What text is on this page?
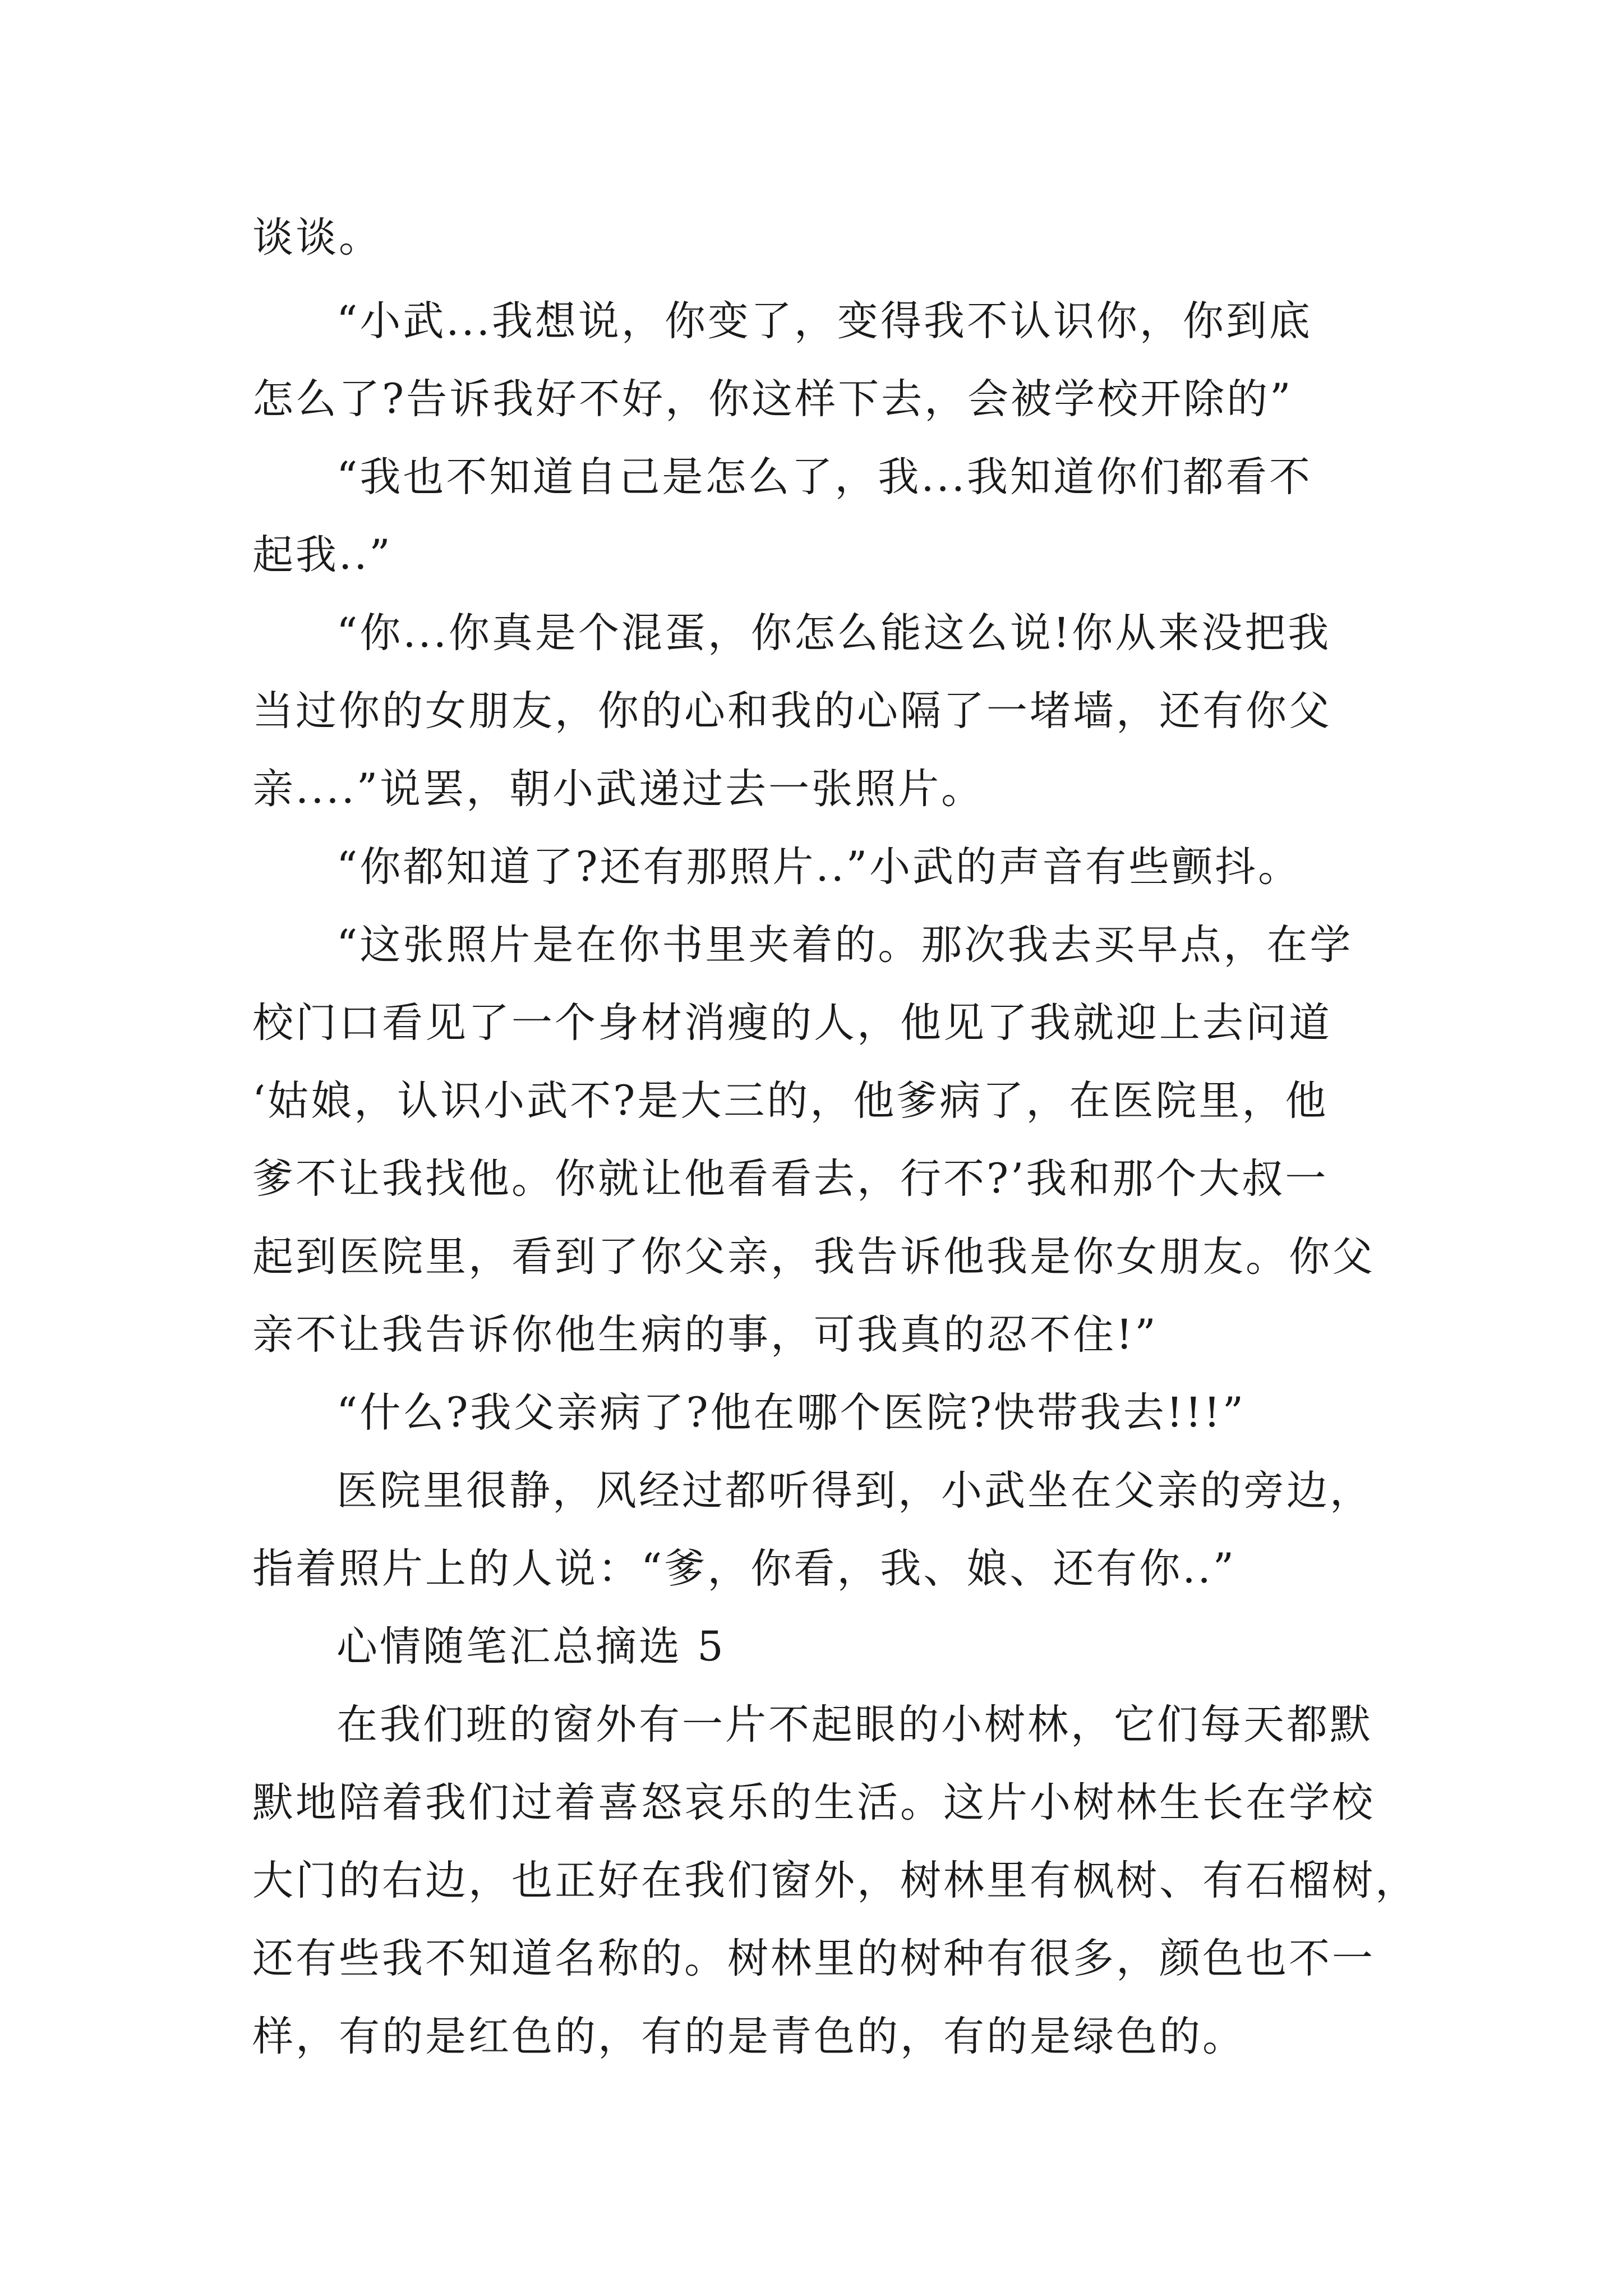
谈谈。
“小武...我想说，你变了，变得我不认识你，你到底
怎么了?告诉我好不好，你这样下去，会被学校开除的”
“我也不知道自己是怎么了，我...我知道你们都看不
起我..”
“你...你真是个混蛋，你怎么能这么说!你从来没把我
当过你的女朋友，你的心和我的心隔了一堵墙，还有你父
亲....”说罢，朝小武递过去一张照片。
“你都知道了?还有那照片..”小武的声音有些颤抖。
“这张照片是在你书里夹着的。那次我去买早点，在学
校门口看见了一个身材消瘦的人，他见了我就迎上去问道
‘姑娘，认识小武不?是大三的，他爹病了，在医院里，他
爹不让我找他。你就让他看看去，行不?’我和那个大叔一
起到医院里，看到了你父亲，我告诉他我是你女朋友。你父
亲不让我告诉你他生病的事，可我真的忍不住!”
“什么?我父亲病了?他在哪个医院?快带我去!!!”
医院里很静，风经过都听得到，小武坐在父亲的旁边，
指着照片上的人说：“爹，你看，我、娘、还有你..”
心情随笔汇总摘选 5
在我们班的窗外有一片不起眼的小树林，它们每天都默
默地陪着我们过着喜怒哀乐的生活。这片小树林生长在学校
大门的右边，也正好在我们窗外，树林里有枫树、有石榴树，
还有些我不知道名称的。树林里的树种有很多，颜色也不一
样，有的是红色的，有的是青色的，有的是绿色的。
